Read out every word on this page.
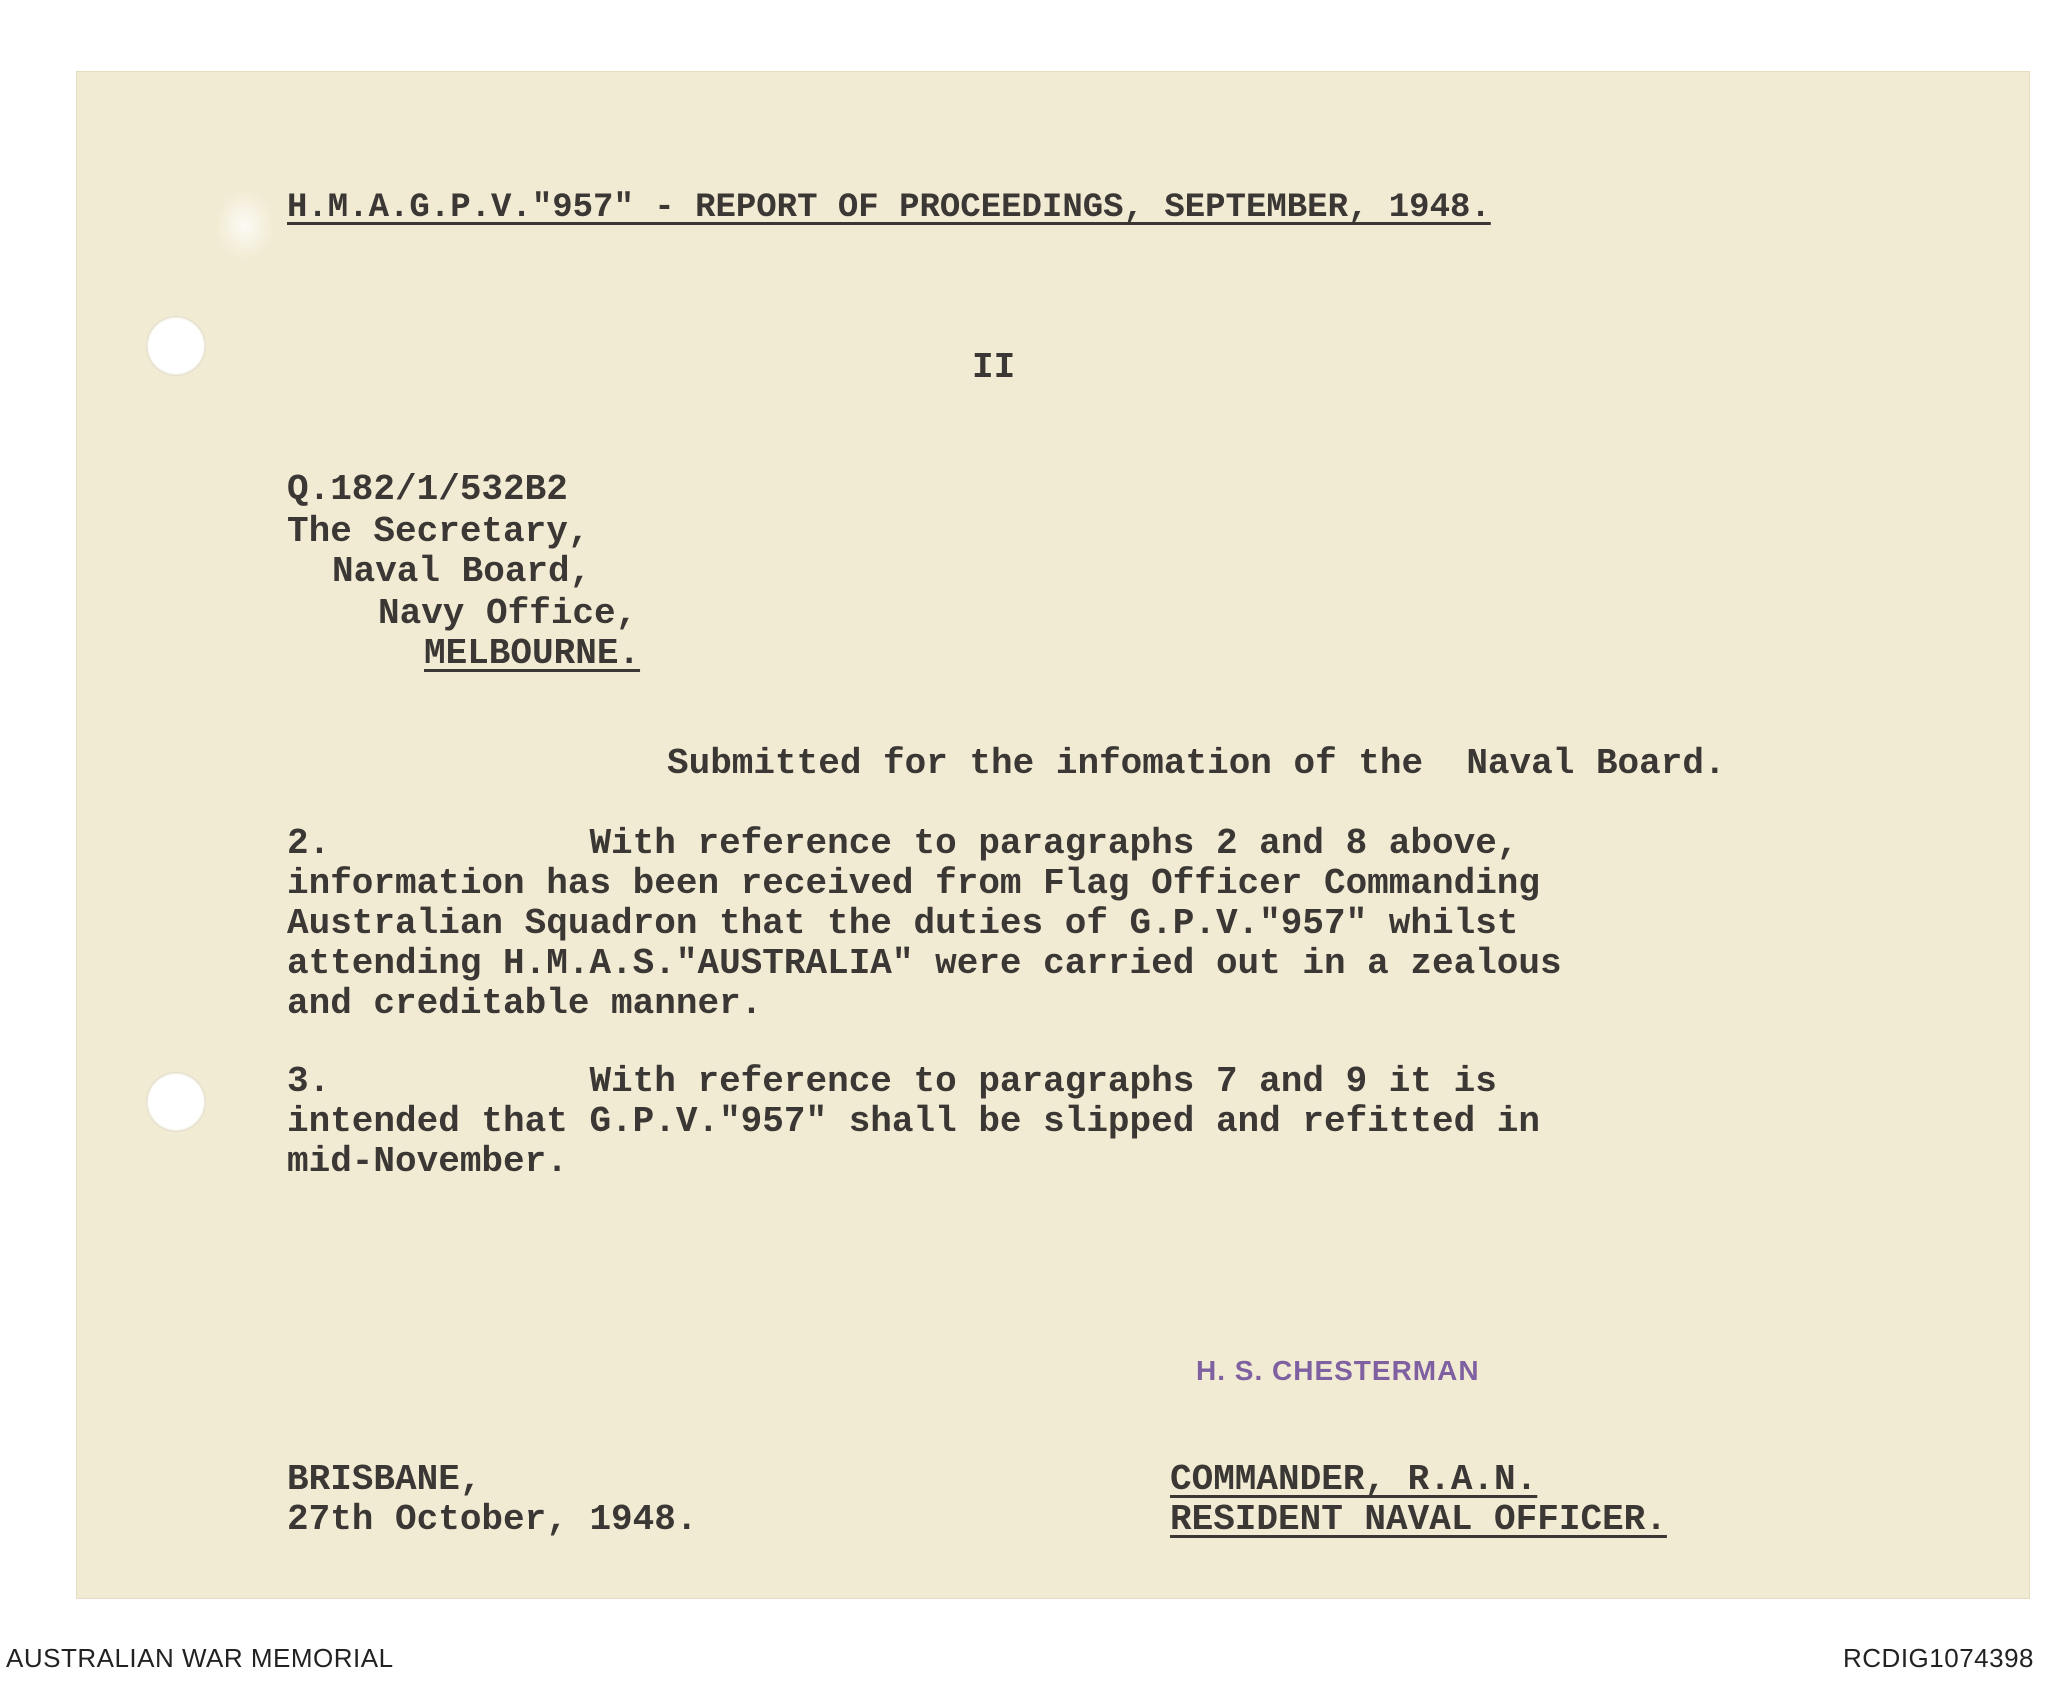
H.M.A.G.P.V."957" - REPORT OF PROCEEDINGS, SEPTEMBER, 1948.
II
Q.182/1/532B2
The Secretary,
Naval Board,
Navy Office,
MELBOURNE.
Submitted for the infomation of the  Naval Board.
2.            With reference to paragraphs 2 and 8 above,
information has been received from Flag Officer Commanding
Australian Squadron that the duties of G.P.V."957" whilst
attending H.M.A.S."AUSTRALIA" were carried out in a zealous
and creditable manner.
3.            With reference to paragraphs 7 and 9 it is
intended that G.P.V."957" shall be slipped and refitted in
mid-November.
H. S. CHESTERMAN
BRISBANE,
27th October, 1948.
COMMANDER, R.A.N.
RESIDENT NAVAL OFFICER.
AUSTRALIAN WAR MEMORIAL	RCDIG1074398
